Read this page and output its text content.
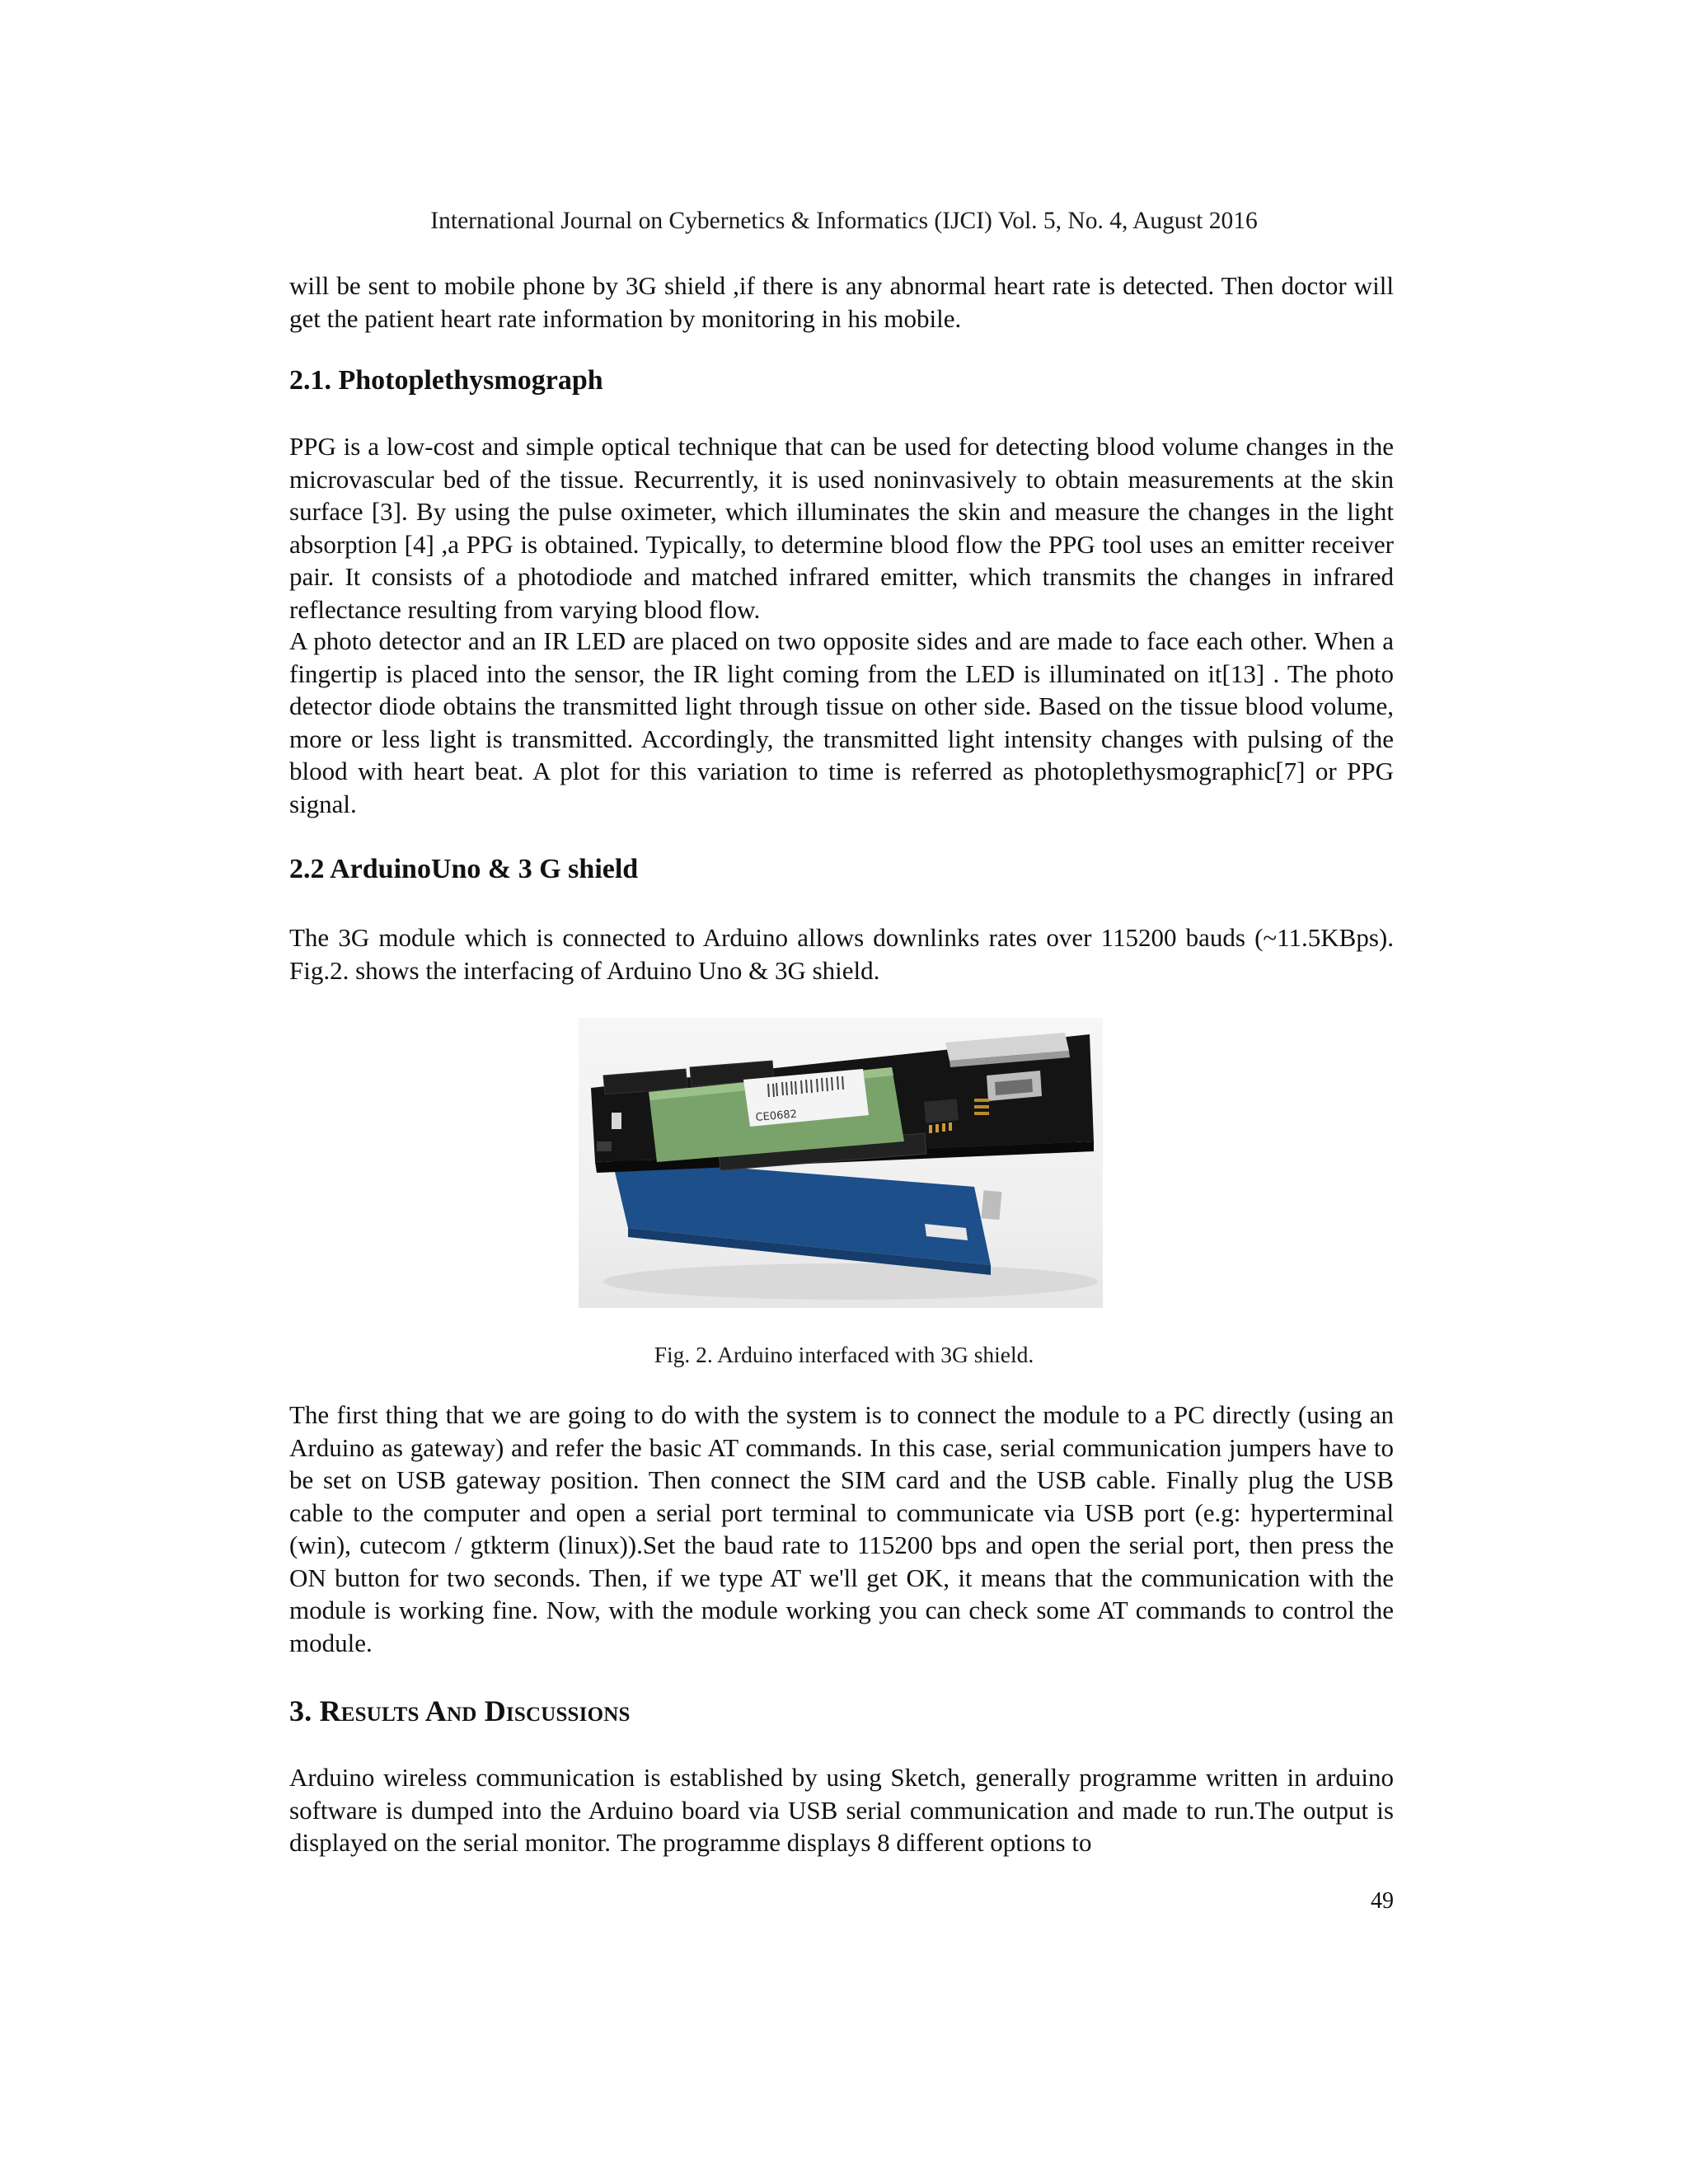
International Journal on Cybernetics & Informatics (IJCI) Vol. 5, No. 4, August 2016

will be sent to mobile phone by 3G shield ,if there is any abnormal heart rate is detected. Then doctor will get the patient heart rate information by monitoring in his mobile.

2.1. Photoplethysmograph

PPG is a low-cost and simple optical technique that can be used for detecting blood volume changes in the microvascular bed of the tissue. Recurrently, it is used noninvasively to obtain measurements at the skin surface [3]. By using the pulse oximeter, which illuminates the skin and measure the changes in the light absorption [4] ,a PPG is obtained. Typically, to determine blood flow the PPG tool uses an emitter receiver pair. It consists of a photodiode and matched infrared emitter, which transmits the changes in infrared reflectance resulting from varying blood flow.

A photo detector and an IR LED are placed on two opposite sides and are made to face each other. When a fingertip is placed into the sensor, the IR light coming from the LED is illuminated on it[13] . The photo detector diode obtains the transmitted light through tissue on other side. Based on the tissue blood volume, more or less light is transmitted. Accordingly, the transmitted light intensity changes with pulsing of the blood with heart beat. A plot for this variation to time is referred as photoplethysmographic[7] or PPG signal.

2.2 ArduinoUno & 3 G shield

The 3G module which is connected to Arduino allows downlinks rates over 115200 bauds (~11.5KBps). Fig.2. shows the interfacing of Arduino Uno & 3G shield.

CE0682
Fig. 2. Arduino interfaced with 3G shield.

The first thing that we are going to do with the system is to connect the module to a PC directly (using an Arduino as gateway) and refer the basic AT commands. In this case, serial communication jumpers have to be set on USB gateway position. Then connect the SIM card and the USB cable. Finally plug the USB cable to the computer and open a serial port terminal to communicate via USB port (e.g: hyperterminal (win), cutecom / gtkterm (linux)).Set the baud rate to 115200 bps and open the serial port, then press the ON button for two seconds. Then, if we type AT we'll get OK, it means that the communication with the module is working fine. Now, with the module working you can check some AT commands to control the module.

3. Results And Discussions

Arduino wireless communication is established by using Sketch, generally programme written in arduino software is dumped into the Arduino board via USB serial communication and made to run.The output is displayed on the serial monitor. The programme displays 8 different options to

49
